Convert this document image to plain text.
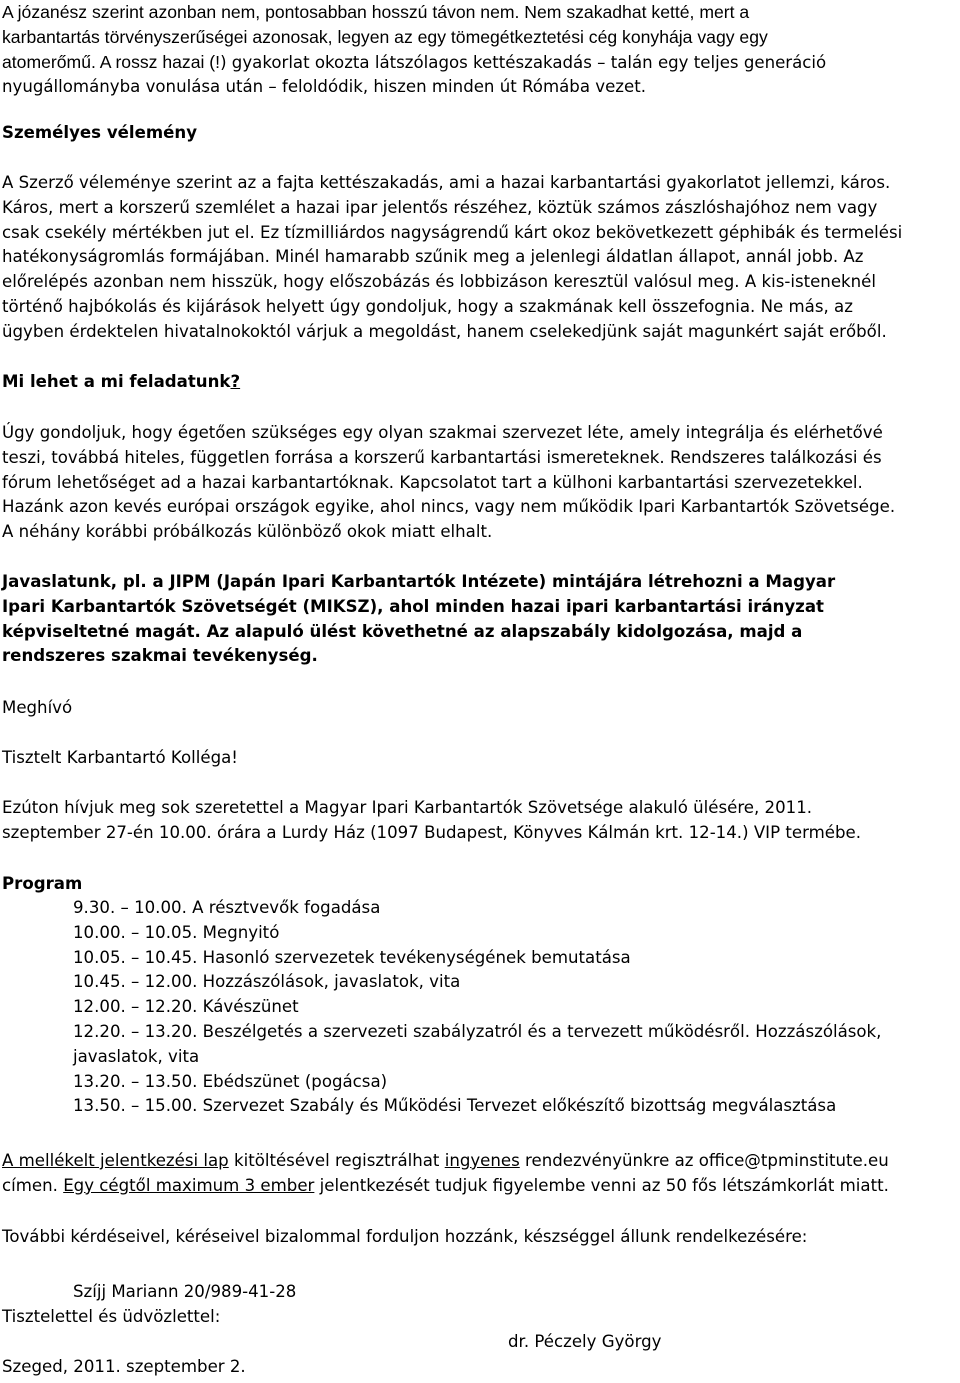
A józanész szerint azonban nem, pontosabban hosszú távon nem. Nem szakadhat ketté, mert a

karbantartás törvényszerűségei azonosak, legyen az egy tömegétkeztetési cég konyhája vagy egy

atomerőmű. A rossz hazai (!) gyakorlat okozta látszólagos kettészakadás – talán egy teljes generáció

nyugállományba vonulása után – feloldódik, hiszen minden út Rómába vezet.

Személyes vélemény

A Szerző véleménye szerint az a fajta kettészakadás, ami a hazai karbantartási gyakorlatot jellemzi, káros.

Káros, mert a korszerű szemlélet a hazai ipar jelentős részéhez, köztük számos zászlóshajóhoz nem vagy

csak csekély mértékben jut el. Ez tízmilliárdos nagyságrendű kárt okoz bekövetkezett géphibák és termelési

hatékonyságromlás formájában. Minél hamarabb szűnik meg a jelenlegi áldatlan állapot, annál jobb. Az

előrelépés azonban nem hisszük, hogy előszobázás és lobbizáson keresztül valósul meg. A kis-isteneknél

történő hajbókolás és kijárások helyett úgy gondoljuk, hogy a szakmának kell összefognia. Ne más, az

ügyben érdektelen hivatalnokoktól várjuk a megoldást, hanem cselekedjünk saját magunkért saját erőből.

Mi lehet a mi feladatunk?

Úgy gondoljuk, hogy égetően szükséges egy olyan szakmai szervezet léte, amely integrálja és elérhetővé

teszi, továbbá hiteles, független forrása a korszerű karbantartási ismereteknek. Rendszeres találkozási és

fórum lehetőséget ad a hazai karbantartóknak. Kapcsolatot tart a külhoni karbantartási szervezetekkel.

Hazánk azon kevés európai országok egyike, ahol nincs, vagy nem működik Ipari Karbantartók Szövetsége.

A néhány korábbi próbálkozás különböző okok miatt elhalt.

Javaslatunk, pl. a JIPM (Japán Ipari Karbantartók Intézete) mintájára létrehozni a Magyar

Ipari Karbantartók Szövetségét (MIKSZ), ahol minden hazai ipari karbantartási irányzat

képviseltetné magát. Az alapuló ülést követhetné az alapszabály kidolgozása, majd a

rendszeres szakmai tevékenység.

Meghívó

Tisztelt Karbantartó Kolléga!

Ezúton hívjuk meg sok szeretettel a Magyar Ipari Karbantartók Szövetsége alakuló ülésére, 2011.

szeptember 27-én 10.00. órára a Lurdy Ház (1097 Budapest, Könyves Kálmán krt. 12-14.) VIP termébe.

Program

9.30. – 10.00. A résztvevők fogadása

10.00. – 10.05. Megnyitó

10.05. – 10.45. Hasonló szervezetek tevékenységének bemutatása

10.45. – 12.00. Hozzászólások, javaslatok, vita

12.00. – 12.20. Kávészünet

12.20. – 13.20. Beszélgetés a szervezeti szabályzatról és a tervezett működésről. Hozzászólások,

javaslatok, vita

13.20. – 13.50. Ebédszünet (pogácsa)

13.50. – 15.00. Szervezet Szabály és Működési Tervezet előkészítő bizottság megválasztása

A mellékelt jelentkezési lap kitöltésével regisztrálhat ingyenes rendezvényünkre az office@tpminstitute.eu

címen. Egy cégtől maximum 3 ember jelentkezését tudjuk figyelembe venni az 50 fős létszámkorlát miatt.

További kérdéseivel, kéréseivel bizalommal forduljon hozzánk, készséggel állunk rendelkezésére:

Szíjj Mariann 20/989-41-28

Tisztelettel és üdvözlettel:

dr. Péczely György

Szeged, 2011. szeptember 2.
